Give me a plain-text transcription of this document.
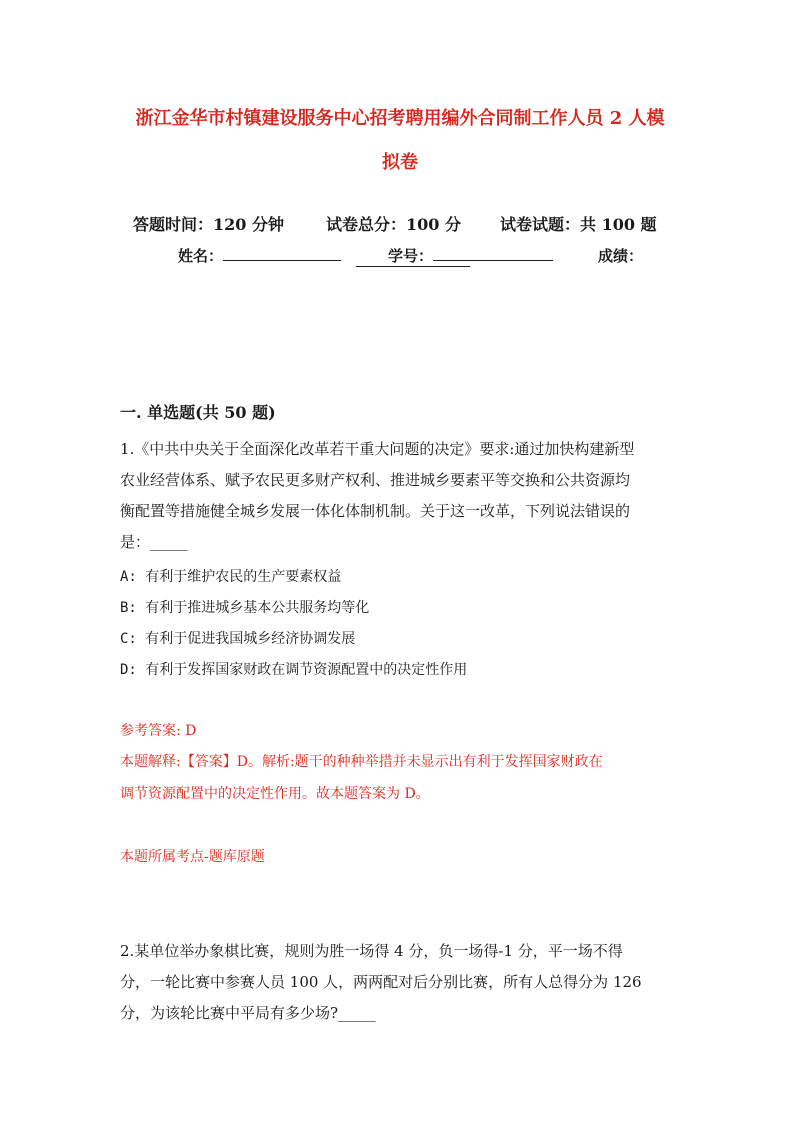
浙江金华市村镇建设服务中心招考聘用编外合同制工作人员 2 人模
拟卷
答题时间：120 分钟	试卷总分：100 分 试卷试题：共 100 题
姓名：	学号：	成绩：
一. 单选题(共 50 题)
1.《中共中央关于全面深化改革若干重大问题的决定》要求:通过加快构建新型
农业经营体系、赋予农民更多财产权利、推进城乡要素平等交换和公共资源均
衡配置等措施健全城乡发展一体化体制机制。关于这一改革，下列说法错误的
是：_____
A: 有利于维护农民的生产要素权益
B: 有利于推进城乡基本公共服务均等化
C: 有利于促进我国城乡经济协调发展
D: 有利于发挥国家财政在调节资源配置中的决定性作用
参考答案: D
本题解释:【答案】D。解析:题干的种种举措并未显示出有利于发挥国家财政在
调节资源配置中的决定性作用。故本题答案为 D。
本题所属考点-题库原题
2.某单位举办象棋比赛，规则为胜一场得 4 分，负一场得-1 分，平一场不得
分，一轮比赛中参赛人员 100 人，两两配对后分别比赛，所有人总得分为 126
分，为该轮比赛中平局有多少场?_____
